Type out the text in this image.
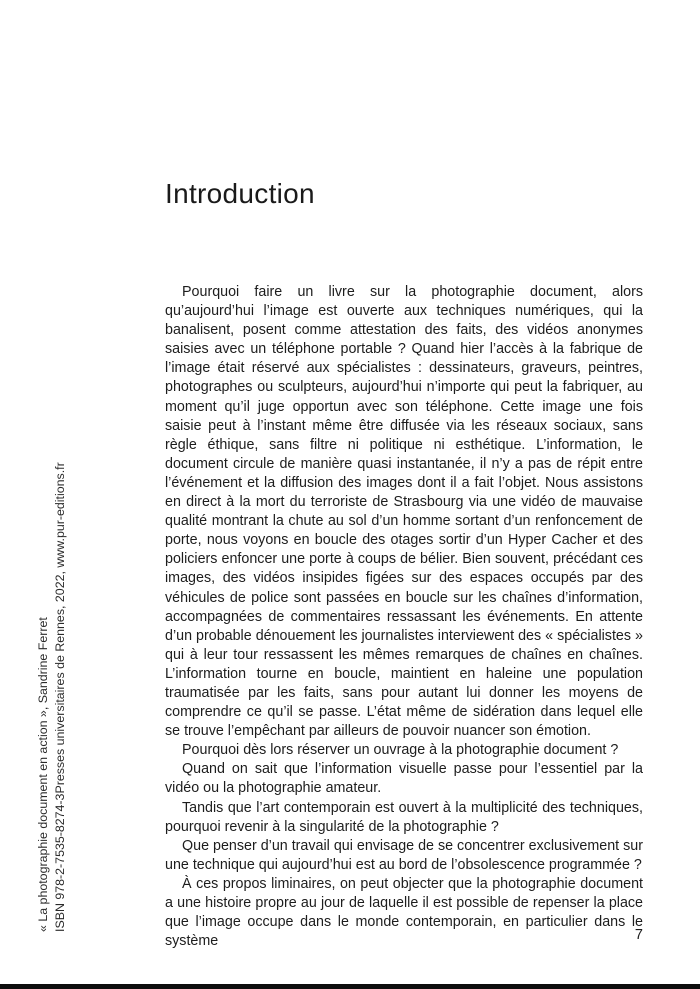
« La photographie document en action », Sandrine Ferret ISBN 978-2-7535-8274-3Presses universitaires de Rennes, 2022, www.pur-editions.fr
Introduction

Pourquoi faire un livre sur la photographie document, alors qu’aujourd’hui l’image est ouverte aux techniques numériques, qui la banalisent, posent comme attestation des faits, des vidéos anonymes saisies avec un téléphone portable ? Quand hier l’accès à la fabrique de l’image était réservé aux spécialistes : dessinateurs, graveurs, peintres, photographes ou sculpteurs, aujourd’hui n’importe qui peut la fabriquer, au moment qu’il juge opportun avec son téléphone. Cette image une fois saisie peut à l’instant même être diffusée via les réseaux sociaux, sans règle éthique, sans filtre ni politique ni esthétique. L’information, le document circule de manière quasi instantanée, il n’y a pas de répit entre l’événement et la diffusion des images dont il a fait l’objet. Nous assistons en direct à la mort du terroriste de Strasbourg via une vidéo de mauvaise qualité montrant la chute au sol d’un homme sortant d’un renfoncement de porte, nous voyons en boucle des otages sortir d’un Hyper Cacher et des policiers enfoncer une porte à coups de bélier. Bien souvent, précédant ces images, des vidéos insipides figées sur des espaces occupés par des véhicules de police sont passées en boucle sur les chaînes d’information, accompagnées de commentaires ressassant les événements. En attente d’un probable dénouement les journalistes interviewent des « spécialistes » qui à leur tour ressassent les mêmes remarques de chaînes en chaînes. L’information tourne en boucle, maintient en haleine une population traumatisée par les faits, sans pour autant lui donner les moyens de comprendre ce qu’il se passe. L’état même de sidération dans lequel elle se trouve l’empêchant par ailleurs de pouvoir nuancer son émotion.

Pourquoi dès lors réserver un ouvrage à la photographie document ?

Quand on sait que l’information visuelle passe pour l’essentiel par la vidéo ou la photographie amateur.

Tandis que l’art contemporain est ouvert à la multiplicité des techniques, pourquoi revenir à la singularité de la photographie ?

Que penser d’un travail qui envisage de se concentrer exclusivement sur une technique qui aujourd’hui est au bord de l’obsolescence programmée ?

À ces propos liminaires, on peut objecter que la photographie document a une histoire propre au jour de laquelle il est possible de repenser la place que l’image occupe dans le monde contemporain, en particulier dans le système	7
